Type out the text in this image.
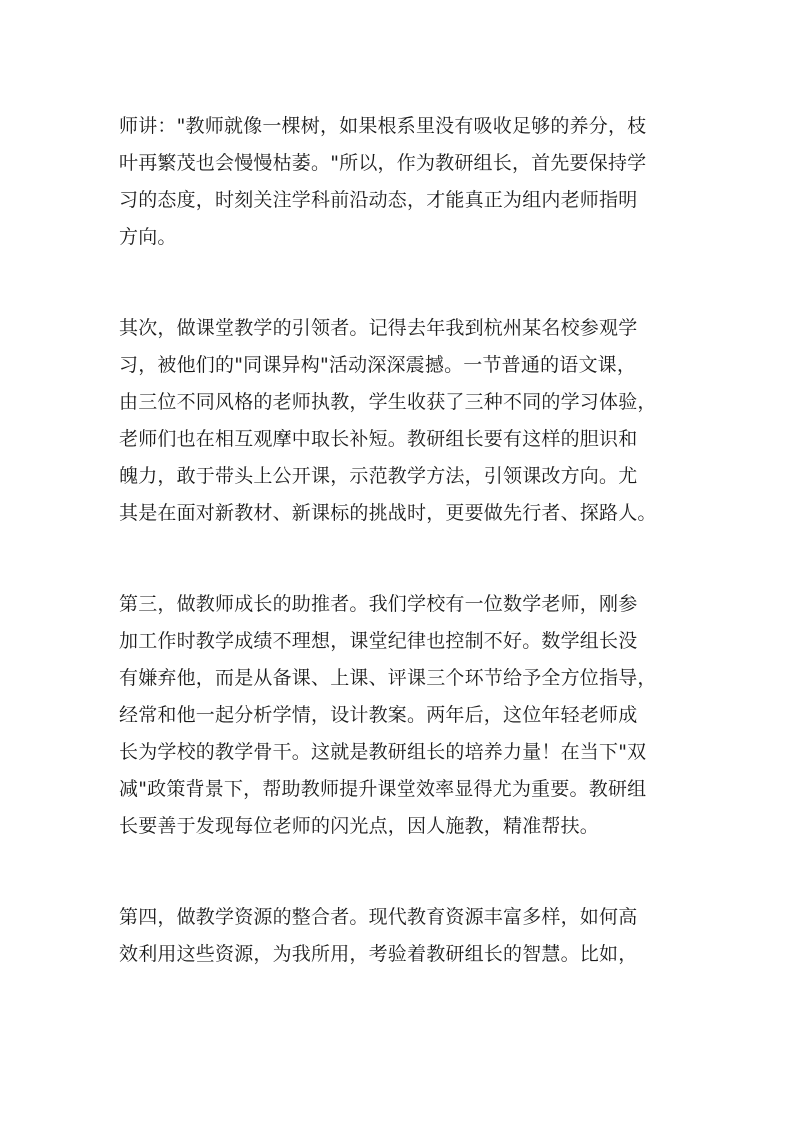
师讲："教师就像一棵树，如果根系里没有吸收足够的养分，枝
叶再繁茂也会慢慢枯萎。"所以，作为教研组长，首先要保持学
习的态度，时刻关注学科前沿动态，才能真正为组内老师指明
方向。
其次，做课堂教学的引领者。记得去年我到杭州某名校参观学
习，被他们的"同课异构"活动深深震撼。一节普通的语文课，
由三位不同风格的老师执教，学生收获了三种不同的学习体验，
老师们也在相互观摩中取长补短。教研组长要有这样的胆识和
魄力，敢于带头上公开课，示范教学方法，引领课改方向。尤
其是在面对新教材、新课标的挑战时，更要做先行者、探路人。
第三，做教师成长的助推者。我们学校有一位数学老师，刚参
加工作时教学成绩不理想，课堂纪律也控制不好。数学组长没
有嫌弃他，而是从备课、上课、评课三个环节给予全方位指导，
经常和他一起分析学情，设计教案。两年后，这位年轻老师成
长为学校的教学骨干。这就是教研组长的培养力量！在当下"双
减"政策背景下，帮助教师提升课堂效率显得尤为重要。教研组
长要善于发现每位老师的闪光点，因人施教，精准帮扶。
第四，做教学资源的整合者。现代教育资源丰富多样，如何高
效利用这些资源，为我所用，考验着教研组长的智慧。比如，
